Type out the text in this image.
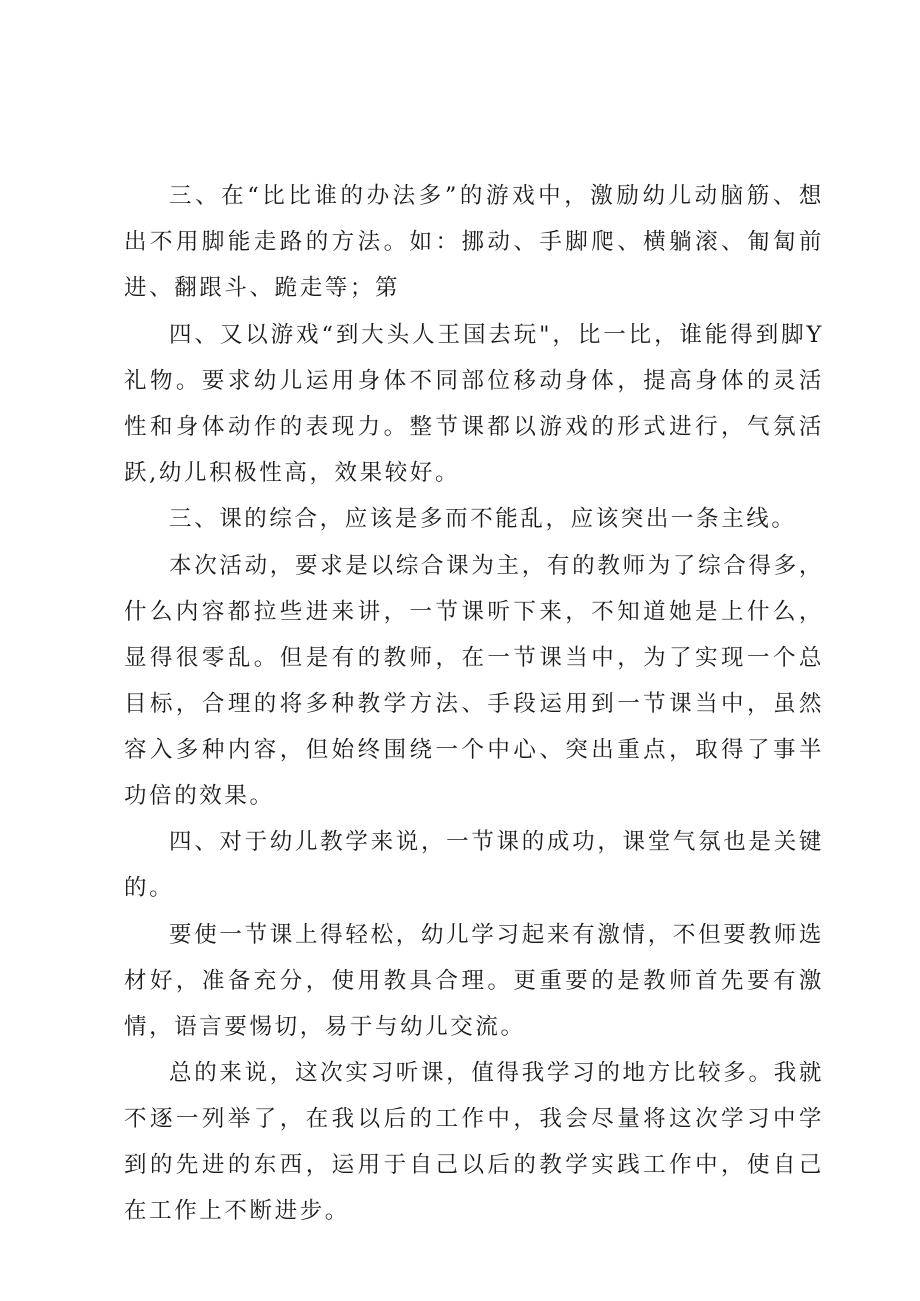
三、在“比比谁的办法多”的游戏中，激励幼儿动脑筋、想出不用脚能走路的方法。如：挪动、手脚爬、横躺滚、匍匐前进、翻跟斗、跪走等；第

四、又以游戏“到大头人王国去玩"，比一比，谁能得到脚Y礼物。要求幼儿运用身体不同部位移动身体，提高身体的灵活性和身体动作的表现力。整节课都以游戏的形式进行，气氛活跃,幼儿积极性高，效果较好。

三、课的综合，应该是多而不能乱，应该突出一条主线。

本次活动，要求是以综合课为主，有的教师为了综合得多，什么内容都拉些进来讲，一节课听下来，不知道她是上什么，显得很零乱。但是有的教师，在一节课当中，为了实现一个总目标，合理的将多种教学方法、手段运用到一节课当中，虽然容入多种内容，但始终围绕一个中心、突出重点，取得了事半功倍的效果。

四、对于幼儿教学来说，一节课的成功，课堂气氛也是关键的。

要使一节课上得轻松，幼儿学习起来有激情，不但要教师选材好，准备充分，使用教具合理。更重要的是教师首先要有激情，语言要惕切，易于与幼儿交流。

总的来说，这次实习听课，值得我学习的地方比较多。我就不逐一列举了，在我以后的工作中，我会尽量将这次学习中学到的先进的东西，运用于自己以后的教学实践工作中，使自己在工作上不断进步。
